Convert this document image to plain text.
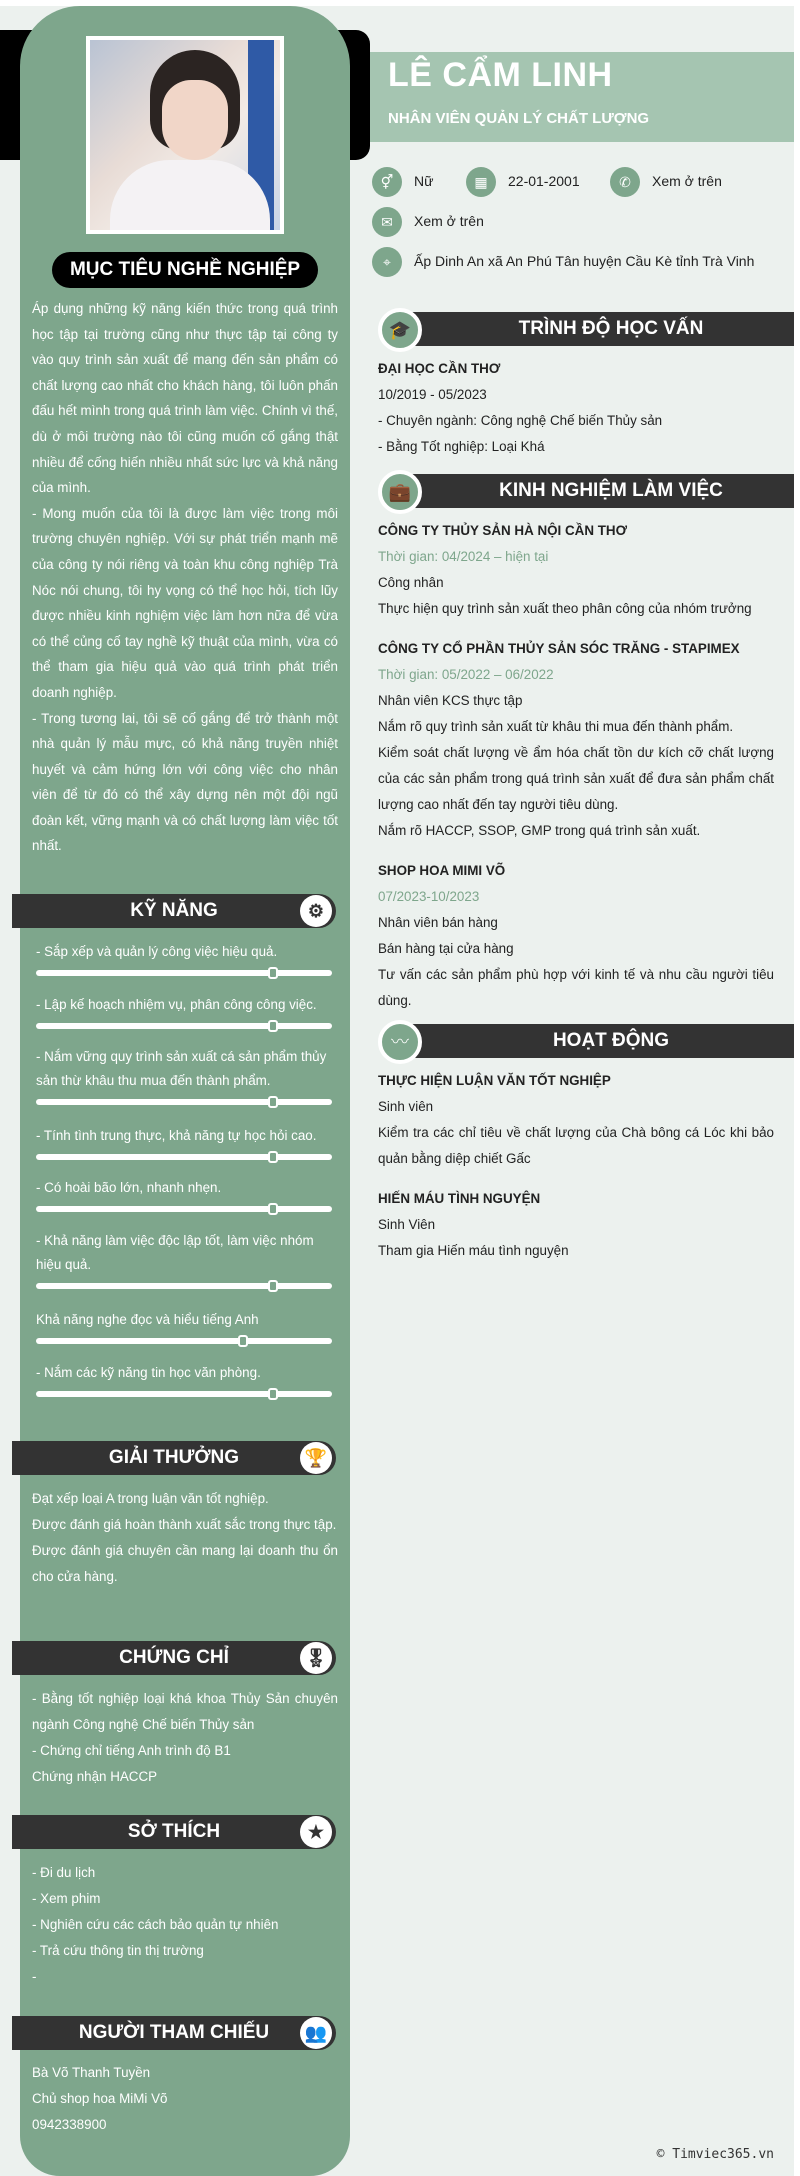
MỤC TIÊU NGHỀ NGHIỆP
Áp dụng những kỹ năng kiến thức trong quá trình học tập tại trường cũng như thực tập tại công ty vào quy trình sản xuất để mang đến sản phẩm có chất lượng cao nhất cho khách hàng, tôi luôn phấn đấu hết mình trong quá trình làm việc. Chính vì thế, dù ở môi trường nào tôi cũng muốn cố gắng thật nhiều để cống hiến nhiều nhất sức lực và khả năng của mình.
- Mong muốn của tôi là được làm việc trong môi trường chuyên nghiệp. Với sự phát triển mạnh mẽ của công ty nói riêng và toàn khu công nghiệp Trà Nóc nói chung, tôi hy vọng có thể học hỏi, tích lũy được nhiều kinh nghiệm việc làm hơn nữa để vừa có thể củng cố tay nghề kỹ thuật của mình, vừa có thể tham gia hiệu quả vào quá trình phát triển doanh nghiệp.
- Trong tương lai, tôi sẽ cố gắng để trở thành một nhà quản lý mẫu mực, có khả năng truyền nhiệt huyết và cảm hứng lớn với công việc cho nhân viên để từ đó có thể xây dựng nên một đội ngũ đoàn kết, vững mạnh và có chất lượng làm việc tốt nhất.
KỸ NĂNG	⚙
- Sắp xếp và quản lý công việc hiệu quả.
- Lập kế hoạch nhiệm vụ, phân công công việc.
- Nắm vững quy trình sản xuất cá sản phẩm thủy sản thừ khâu thu mua đến thành phẩm.
- Tính tình trung thực, khả năng tự học hỏi cao.
- Có hoài bão lớn, nhanh nhẹn.
- Khả năng làm việc độc lập tốt, làm việc nhóm hiệu quả.
Khả năng nghe đọc và hiểu tiếng Anh
- Nắm các kỹ năng tin học văn phòng.
GIẢI THƯỞNG	🏆
Đạt xếp loại A trong luận văn tốt nghiệp.
Được đánh giá hoàn thành xuất sắc trong thực tập.
Được đánh giá chuyên cần mang lại doanh thu ổn cho cửa hàng.
CHỨNG CHỈ	🎖
- Bằng tốt nghiệp loại khá khoa Thủy Sản chuyên ngành Công nghệ Chế biến Thủy sản
- Chứng chỉ tiếng Anh trình độ B1
Chứng nhận HACCP
SỞ THÍCH	★
- Đi du lịch
- Xem phim
- Nghiên cứu các cách bảo quản tự nhiên
- Trả cứu thông tin thị trường
-
NGƯỜI THAM CHIẾU 👥
Bà Võ Thanh Tuyền
Chủ shop hoa MiMi Võ
0942338900
LÊ CẨM LINH
NHÂN VIÊN QUẢN LÝ CHẤT LƯỢNG
⚥ Nữ	▦ 22-01-2001	✆ Xem ở trên
✉ Xem ở trên
⌖ Ấp Dinh An xã An Phú Tân huyện Cầu Kè tỉnh Trà Vinh
TRÌNH ĐỘ HỌC VẤN
🎓
ĐẠI HỌC CẦN THƠ
10/2019 - 05/2023
- Chuyên ngành: Công nghệ Chế biến Thủy sản
- Bằng Tốt nghiệp: Loại Khá
KINH NGHIỆM LÀM VIỆC
💼
CÔNG TY THỦY SẢN HÀ NỘI CẦN THƠ
Thời gian: 04/2024 – hiện tại
Công nhân
Thực hiện quy trình sản xuất theo phân công của nhóm trưởng
CÔNG TY CỔ PHẦN THỦY SẢN SÓC TRĂNG - STAPIMEX
Thời gian: 05/2022 – 06/2022
Nhân viên KCS thực tập
Nắm rõ quy trình sản xuất từ khâu thi mua đến thành phẩm.
Kiểm soát chất lượng về ẩm hóa chất tồn dư kích cỡ chất lượng của các sản phẩm trong quá trình sản xuất để đưa sản phẩm chất lượng cao nhất đến tay người tiêu dùng.
Nắm rõ HACCP, SSOP, GMP trong quá trình sản xuất.
SHOP HOA MIMI VÕ
07/2023-10/2023
Nhân viên bán hàng
Bán hàng tại cửa hàng
Tư vấn các sản phẩm phù hợp với kinh tế và nhu cầu người tiêu dùng.
HOẠT ĐỘNG
〰
THỰC HIỆN LUẬN VĂN TỐT NGHIỆP
Sinh viên
Kiểm tra các chỉ tiêu về chất lượng của Chà bông cá Lóc khi bảo quản bằng diệp chiết Gấc
HIẾN MÁU TÌNH NGUYỆN
Sinh Viên
Tham gia Hiến máu tình nguyện
© Timviec365.vn
